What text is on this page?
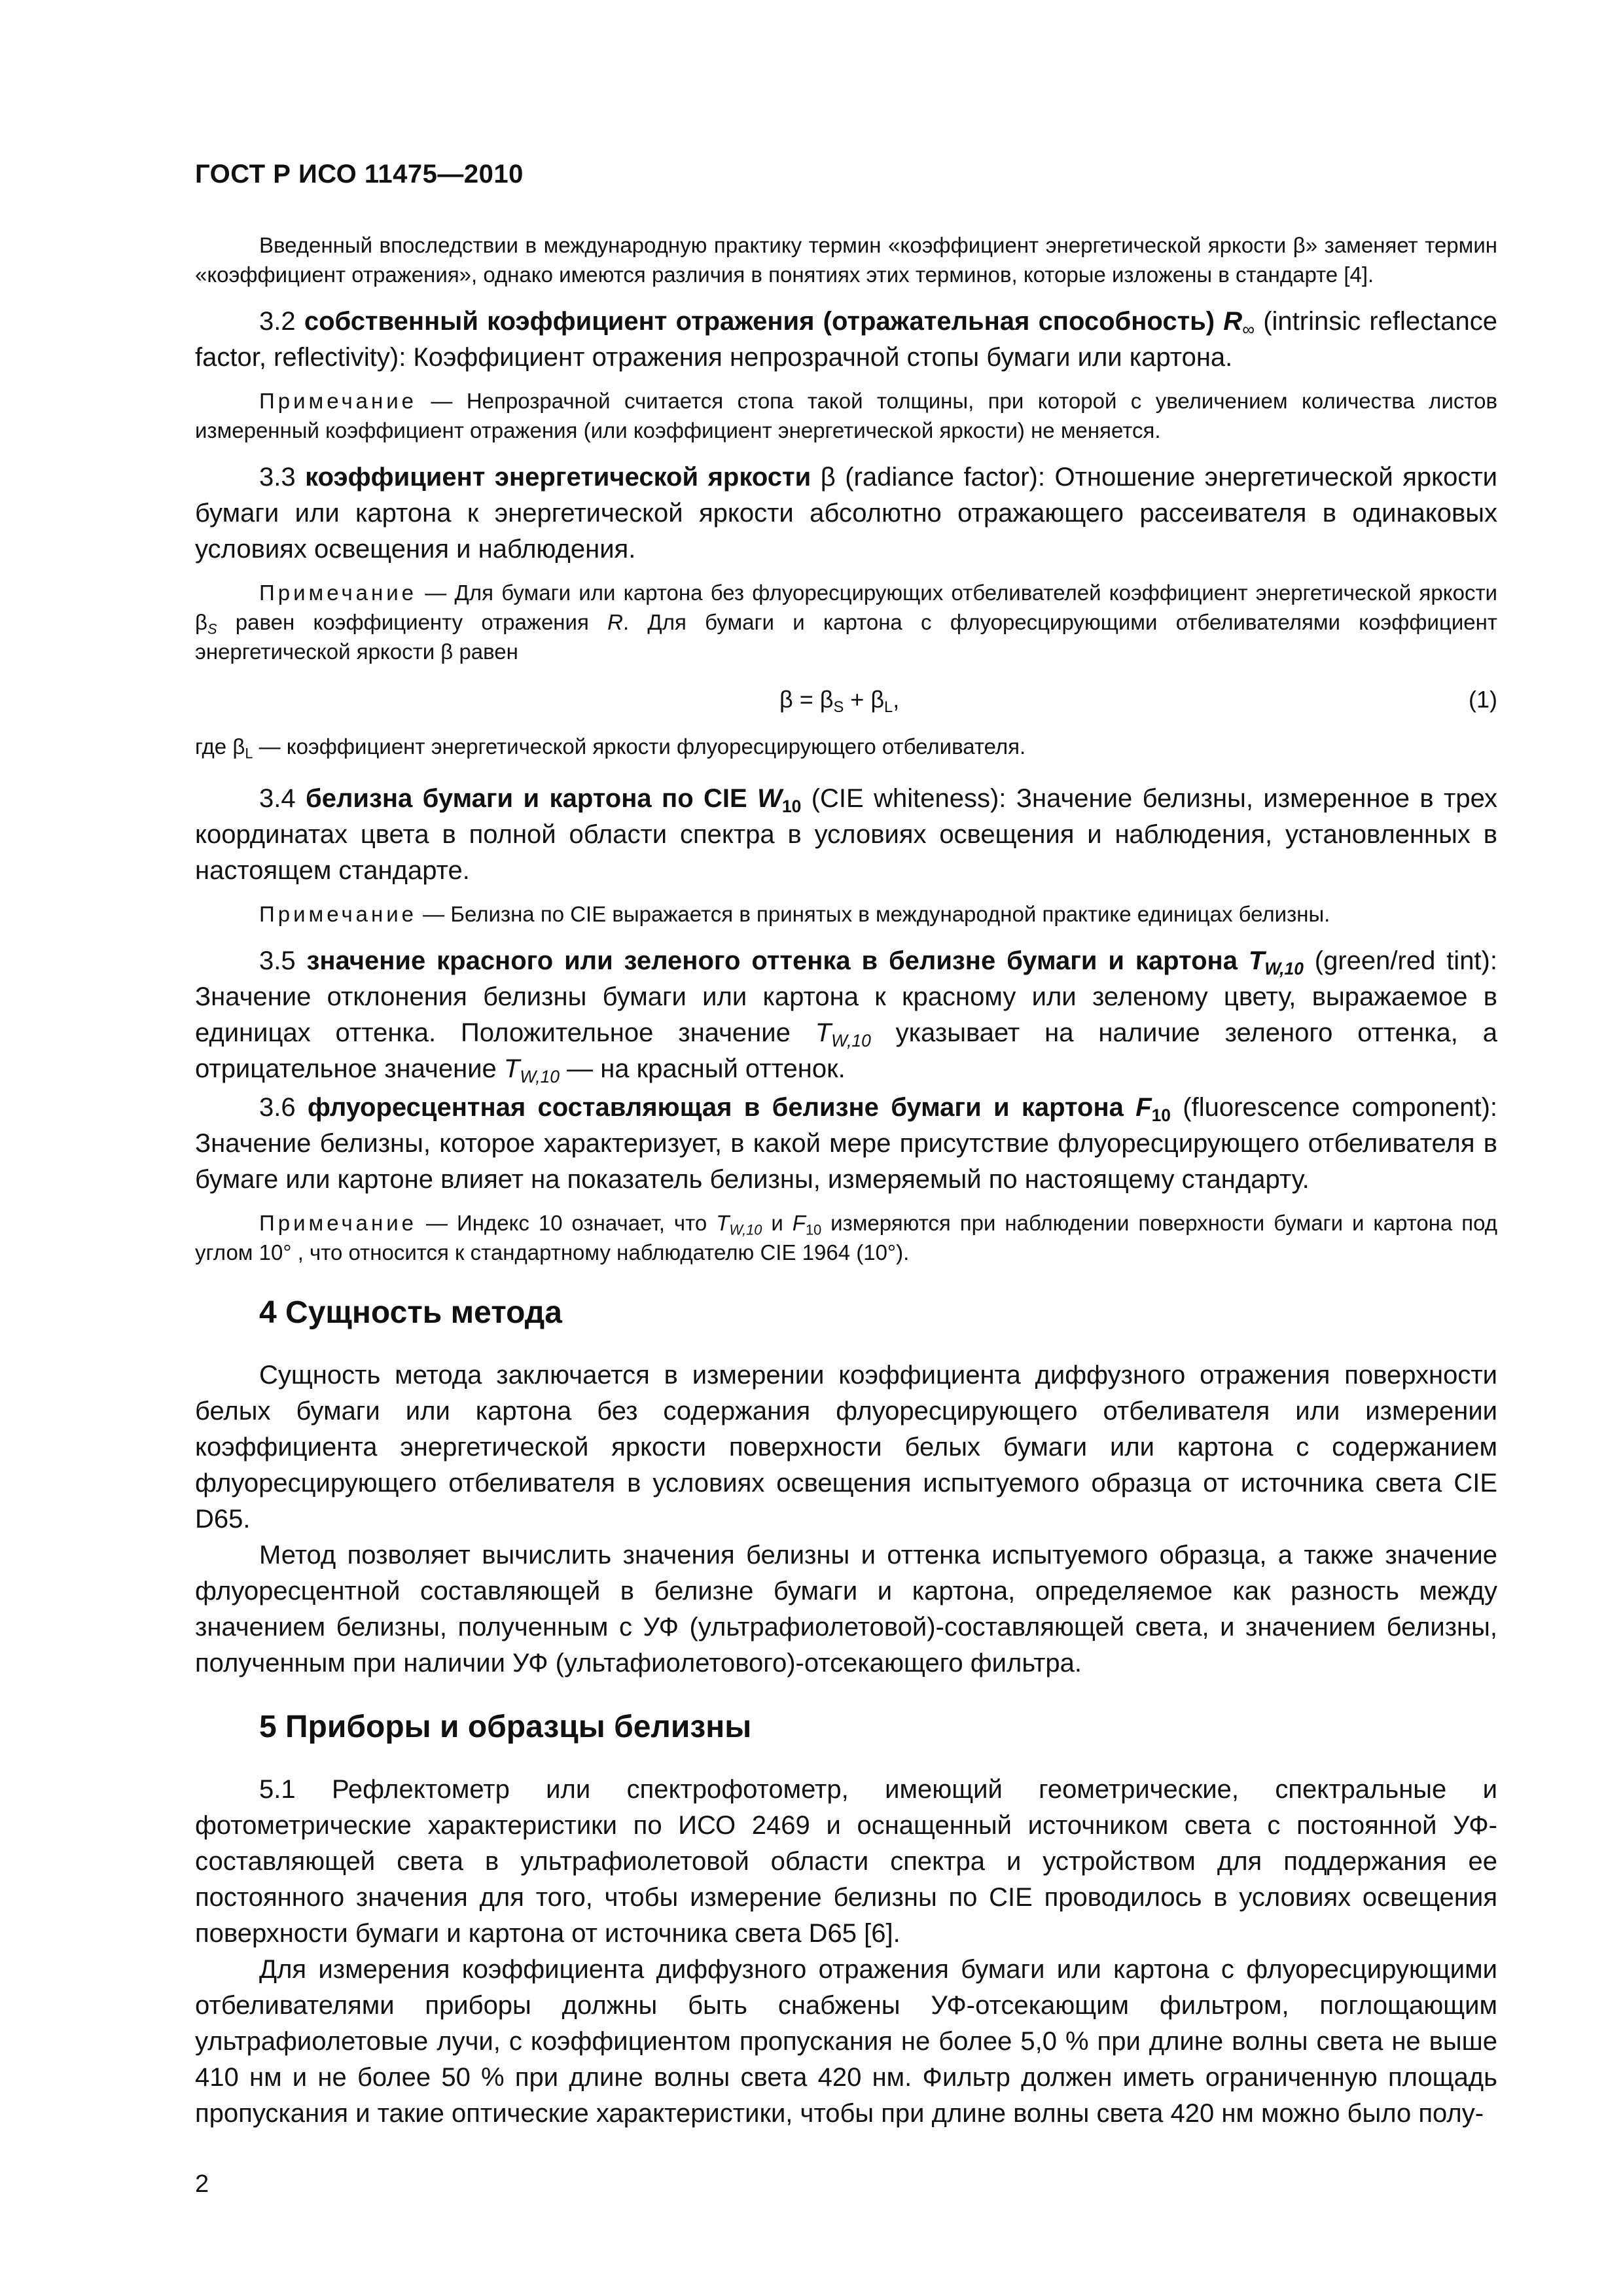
ГОСТ Р ИСО 11475—2010

Введенный впоследствии в международную практику термин «коэффициент энергетической яркости β» заменяет термин «коэффициент отражения», однако имеются различия в понятиях этих терминов, которые изложены в стандарте [4].

3.2 собственный коэффициент отражения (отражательная способность) $R_\infty$ (intrinsic reflectance factor, reflectivity): Коэффициент отражения непрозрачной стопы бумаги или картона.

Примечание — Непрозрачной считается стопа такой толщины, при которой с увеличением количества листов измеренный коэффициент отражения (или коэффициент энергетической яркости) не меняется.

3.3 коэффициент энергетической яркости β (radiance factor): Отношение энергетической яркости бумаги или картона к энергетической яркости абсолютно отражающего рассеивателя в одинаковых условиях освещения и наблюдения.

Примечание — Для бумаги или картона без флуоресцирующих отбеливателей коэффициент энергетической яркости $\beta_S$ равен коэффициенту отражения R. Для бумаги и картона с флуоресцирующими отбеливателями коэффициент энергетической яркости β равен

$\beta = \beta_S + \beta_L$,	(1)

где $\beta_L$ — коэффициент энергетической яркости флуоресцирующего отбеливателя.

3.4 белизна бумаги и картона по CIE $W_{10}$ (CIE whiteness): Значение белизны, измеренное в трех координатах цвета в полной области спектра в условиях освещения и наблюдения, установленных в настоящем стандарте.

Примечание — Белизна по CIE выражается в принятых в международной практике единицах белизны.

3.5 значение красного или зеленого оттенка в белизне бумаги и картона $T_{W,10}$ (green/red tint): Значение отклонения белизны бумаги или картона к красному или зеленому цвету, выражаемое в единицах оттенка. Положительное значение $T_{W,10}$ указывает на наличие зеленого оттенка, а отрицательное значение $T_{W,10}$ — на красный оттенок.

3.6 флуоресцентная составляющая в белизне бумаги и картона $F_{10}$ (fluorescence component): Значение белизны, которое характеризует, в какой мере присутствие флуоресцирующего отбеливателя в бумаге или картоне влияет на показатель белизны, измеряемый по настоящему стандарту.

Примечание — Индекс 10 означает, что $T_{W,10}$ и $F_{10}$ измеряются при наблюдении поверхности бумаги и картона под углом 10° , что относится к стандартному наблюдателю CIE 1964 (10°).

4 Сущность метода

Сущность метода заключается в измерении коэффициента диффузного отражения поверхности белых бумаги или картона без содержания флуоресцирующего отбеливателя или измерении коэффициента энергетической яркости поверхности белых бумаги или картона с содержанием флуоресцирующего отбеливателя в условиях освещения испытуемого образца от источника света CIE D65.

Метод позволяет вычислить значения белизны и оттенка испытуемого образца, а также значение флуоресцентной составляющей в белизне бумаги и картона, определяемое как разность между значением белизны, полученным с УФ (ультрафиолетовой)-составляющей света, и значением белизны, полученным при наличии УФ (ультафиолетового)-отсекающего фильтра.

5 Приборы и образцы белизны

5.1 Рефлектометр или спектрофотометр, имеющий геометрические, спектральные и фотометрические характеристики по ИСО 2469 и оснащенный источником света с постоянной УФ-составляющей света в ультрафиолетовой области спектра и устройством для поддержания ее постоянного значения для того, чтобы измерение белизны по CIE проводилось в условиях освещения поверхности бумаги и картона от источника света D65 [6].

Для измерения коэффициента диффузного отражения бумаги или картона с флуоресцирующими отбеливателями приборы должны быть снабжены УФ-отсекающим фильтром, поглощающим ультрафиолетовые лучи, с коэффициентом пропускания не более 5,0 % при длине волны света не выше 410 нм и не более 50 % при длине волны света 420 нм. Фильтр должен иметь ограниченную площадь пропускания и такие оптические характеристики, чтобы при длине волны света 420 нм можно было полу-

2
